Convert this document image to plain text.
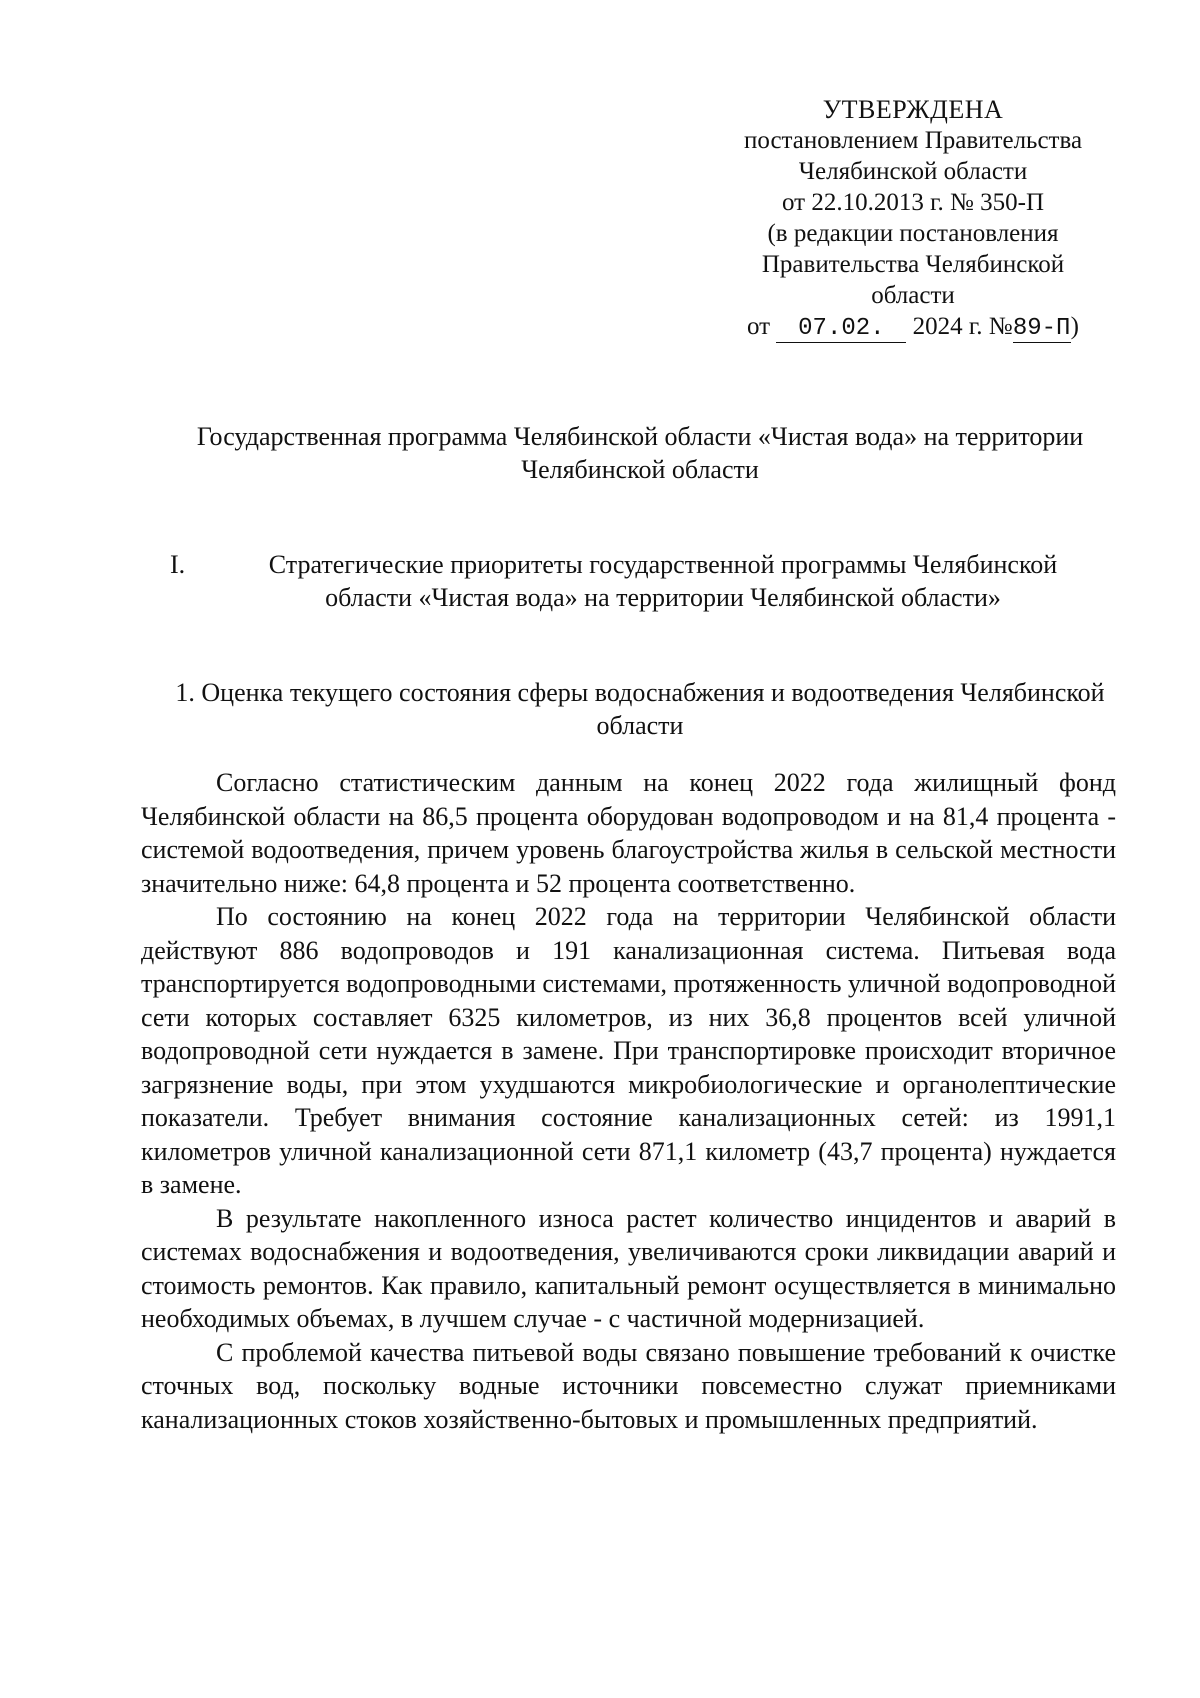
УТВЕРЖДЕНА
постановлением Правительства
Челябинской области
от 22.10.2013 г. № 350-П
(в редакции постановления
Правительства Челябинской
области
от 07.02. 2024 г. №89-П)
Государственная программа Челябинской области «Чистая вода» на территории Челябинской области
I.	Стратегические приоритеты государственной программы Челябинской области «Чистая вода» на территории Челябинской области»
1. Оценка текущего состояния сферы водоснабжения и водоотведения Челябинской области

Согласно статистическим данным на конец 2022 года жилищный фонд Челябинской области на 86,5 процента оборудован водопроводом и на 81,4 процента - системой водоотведения, причем уровень благоустройства жилья в сельской местности значительно ниже: 64,8 процента и 52 процента соответственно.

По состоянию на конец 2022 года на территории Челябинской области действуют 886 водопроводов и 191 канализационная система. Питьевая вода транспортируется водопроводными системами, протяженность уличной водопроводной сети которых составляет 6325 километров, из них 36,8 процентов всей уличной водопроводной сети нуждается в замене. При транспортировке происходит вторичное загрязнение воды, при этом ухудшаются микробиологические и органолептические показатели. Требует внимания состояние канализационных сетей: из 1991,1 километров уличной канализационной сети 871,1 километр (43,7 процента) нуждается в замене.

В результате накопленного износа растет количество инцидентов и аварий в системах водоснабжения и водоотведения, увеличиваются сроки ликвидации аварий и стоимость ремонтов. Как правило, капитальный ремонт осуществляется в минимально необходимых объемах, в лучшем случае - с частичной модернизацией.

С проблемой качества питьевой воды связано повышение требований к очистке сточных вод, поскольку водные источники повсеместно служат приемниками канализационных стоков хозяйственно-бытовых и промышленных предприятий.
